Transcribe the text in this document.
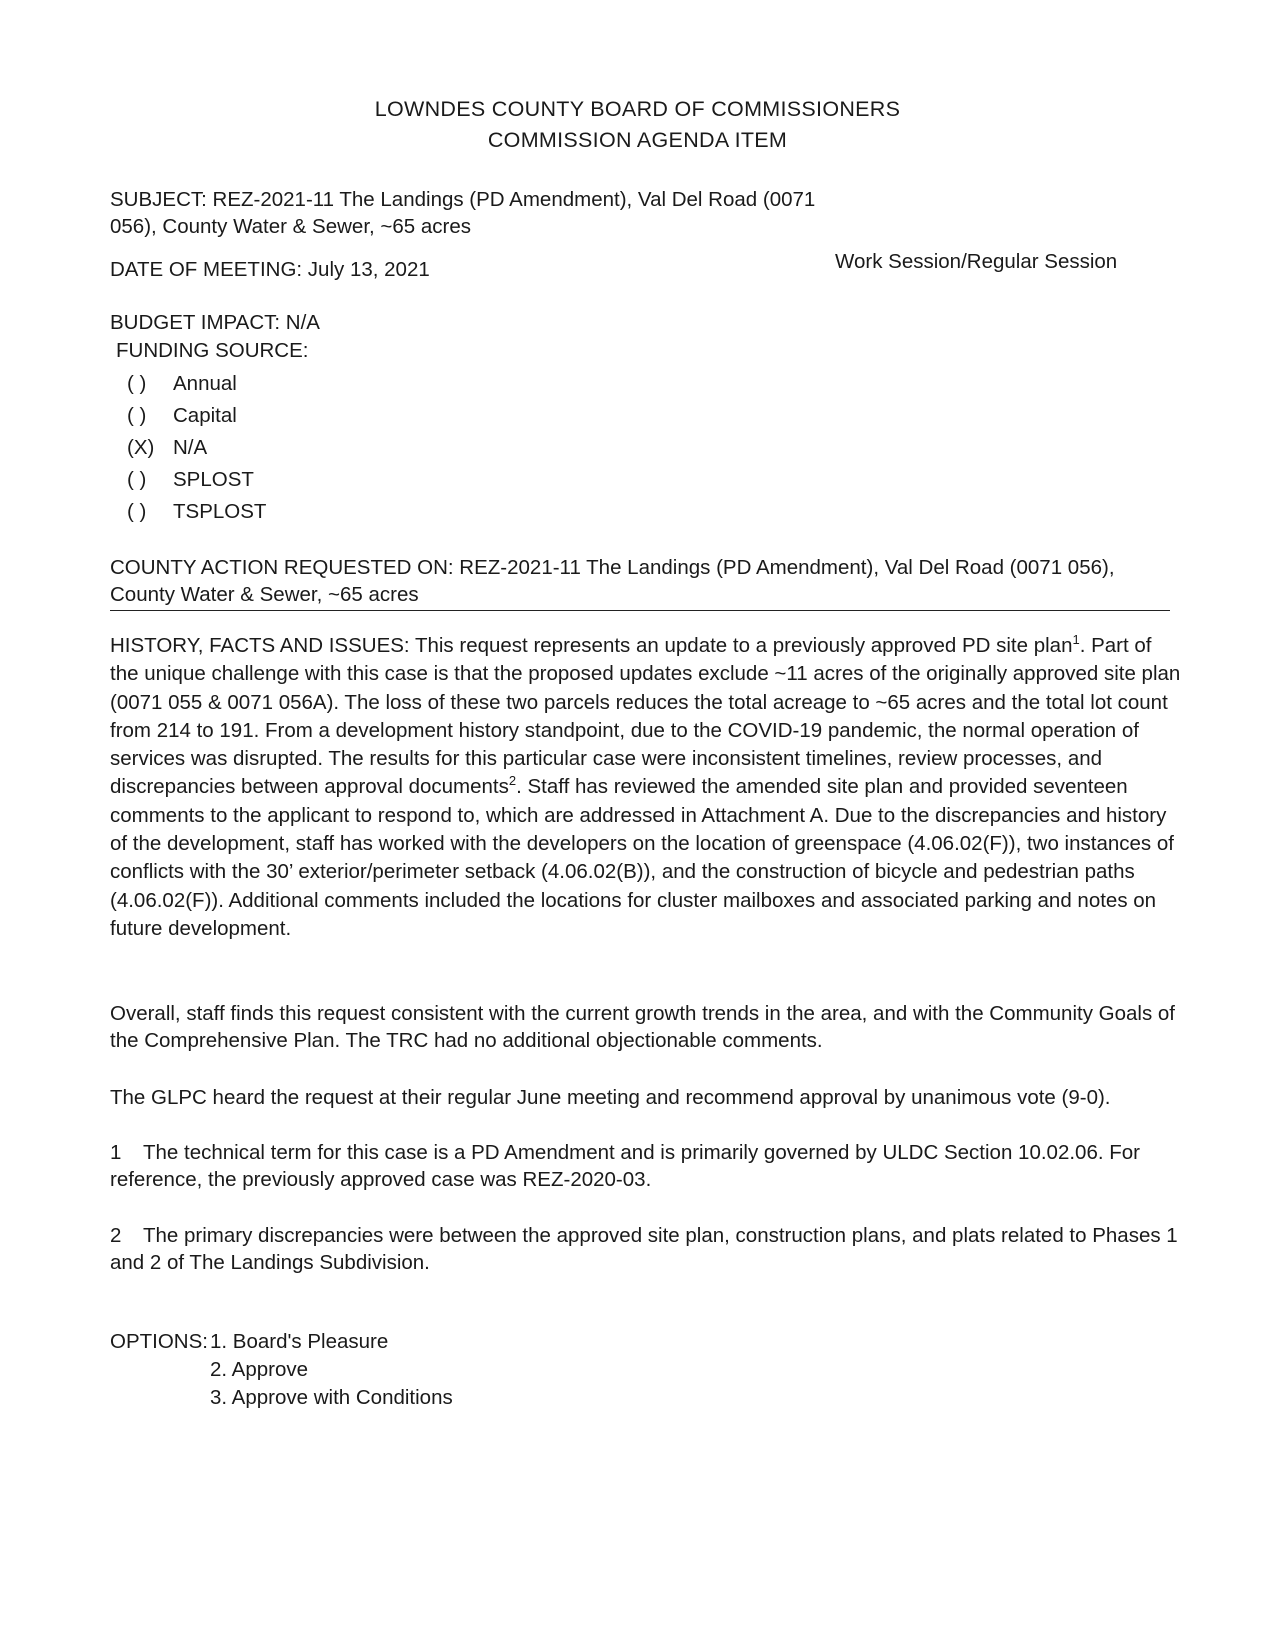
LOWNDES COUNTY BOARD OF COMMISSIONERS
COMMISSION AGENDA ITEM
SUBJECT: REZ-2021-11 The Landings (PD Amendment), Val Del Road (0071
056), County Water & Sewer, ~65 acres
DATE OF MEETING: July 13, 2021	Work Session/Regular Session
BUDGET IMPACT: N/A
FUNDING SOURCE:
( ) Annual
( ) Capital
(X) N/A
( ) SPLOST
( ) TSPLOST
COUNTY ACTION REQUESTED ON: REZ-2021-11 The Landings (PD Amendment), Val Del Road (0071 056),
County Water & Sewer, ~65 acres

HISTORY, FACTS AND ISSUES: This request represents an update to a previously approved PD site plan$^1$. Part of the unique challenge with this case is that the proposed updates exclude ~11 acres of the originally approved site plan (0071 055 & 0071 056A). The loss of these two parcels reduces the total acreage to ~65 acres and the total lot count from 214 to 191. From a development history standpoint, due to the COVID-19 pandemic, the normal operation of services was disrupted. The results for this particular case were inconsistent timelines, review processes, and discrepancies between approval documents$^2$. Staff has reviewed the amended site plan and provided seventeen comments to the applicant to respond to, which are addressed in Attachment A. Due to the discrepancies and history of the development, staff has worked with the developers on the location of greenspace (4.06.02(F)), two instances of conflicts with the 30’ exterior/perimeter setback (4.06.02(B)), and the construction of bicycle and pedestrian paths (4.06.02(F)). Additional comments included the locations for cluster mailboxes and associated parking and notes on future development.

Overall, staff finds this request consistent with the current growth trends in the area, and with the Community Goals of the Comprehensive Plan. The TRC had no additional objectionable comments.

The GLPC heard the request at their regular June meeting and recommend approval by unanimous vote (9-0).

1 The technical term for this case is a PD Amendment and is primarily governed by ULDC Section 10.02.06. For reference, the previously approved case was REZ-2020-03.

2 The primary discrepancies were between the approved site plan, construction plans, and plats related to Phases 1 and 2 of The Landings Subdivision.

OPTIONS: 1. Board's Pleasure
2. Approve
3. Approve with Conditions
